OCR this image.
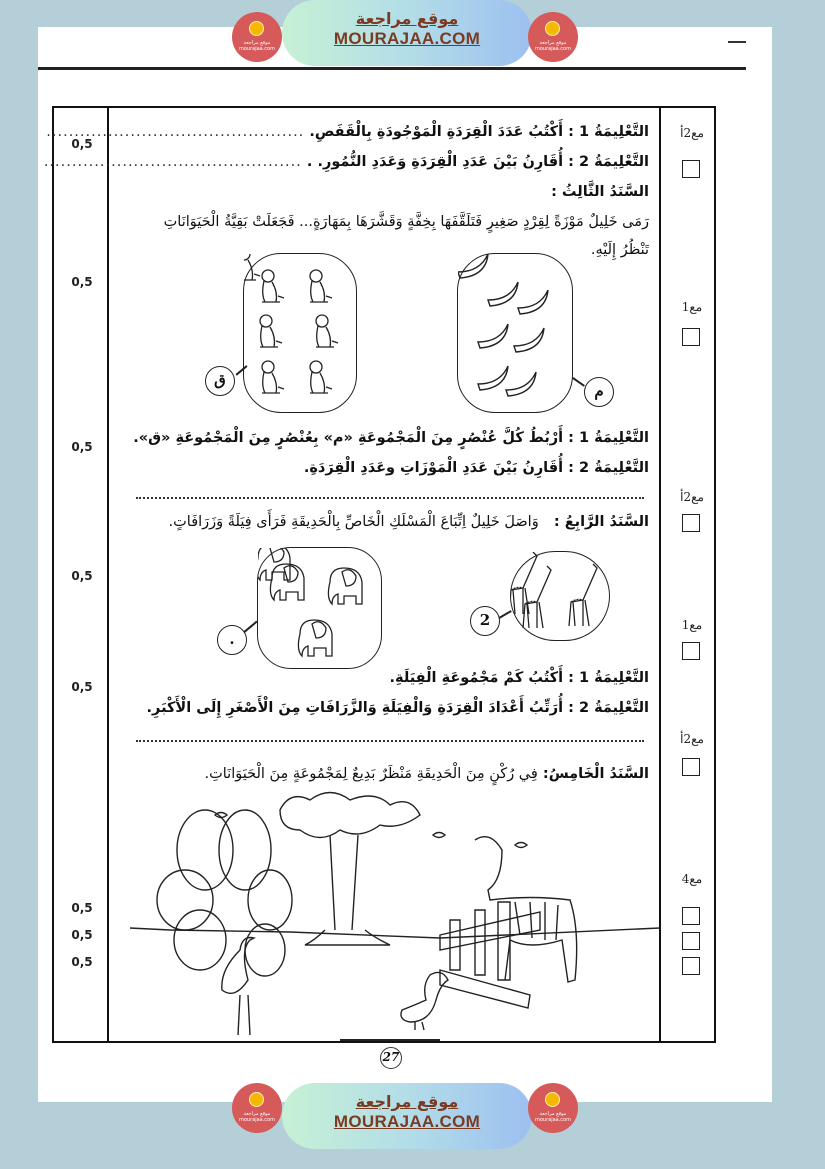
موقع مراجعة
mourajaa.com
موقع مراجعة
MOURAJAA.COM	موقع مراجعة
mourajaa.com
0,5
0,5
0,5
0,5
0,5
0,5
0,5
0,5
مع2أ
مع1
مع2أ
مع1
مع2أ
مع4
التَّعْلِيمَةُ 1 : أَكْتُبُ عَدَدَ الْقِرَدَةِ الْمَوْجُودَةِ بِالْقَفَصِ. ..............................................
التَّعْلِيمَةُ 2 : أُقَارِنُ بَيْنَ عَدَدِ الْقِرَدَةِ وَعَدَدِ النُّمُورِ. . ..............................................
السَّنَدُ الثَّالِثُ :
رَمَى خَلِيلٌ مَوْزَةً لِقِرْدٍ صَغِيرٍ فَتَلَقَّفَهَا بِخِفَّةٍ وَقَشَّرَهَا بِمَهَارَةٍ... فَجَعَلَتْ بَقِيَّةُ الْحَيَوَانَاتِ
تَنْظُرُ إِلَيْهِ.
ق
م
التَّعْلِيمَةُ 1 : أَرْبُطُ كُلَّ عُنْصُرٍ مِنَ الْمَجْمُوعَةِ «م» بِعُنْصُرٍ مِنَ الْمَجْمُوعَةِ «ق».
التَّعْلِيمَةُ 2 : أُقَارِنُ بَيْنَ عَدَدِ الْمَوْزَاتِ وعَدَدِ الْقِرَدَةِ.
السَّنَدُ الرَّابِعُ :   وَاصَلَ خَلِيلٌ اِتِّبَاعَ الْمَسْلَكِ الْخَاصِّ بِالْحَدِيقَةِ فَرَأَى فِيَلَةً وَزَرَافَاتٍ.
.
2
التَّعْلِيمَةُ 1 : أَكْتُبُ كَمْ مَجْمُوعَةِ الْفِيَلَةِ.
التَّعْلِيمَةُ 2 : أُرَتِّبُ أَعْدَادَ الْقِرَدَةِ وَالْفِيَلَةِ وَالزَّرَافَاتِ مِنَ الْأَصْغَرِ إِلَى الْأَكْبَرِ.
السَّنَدُ الْخَامِسُ: فِي رُكْنٍ مِنَ الْحَدِيقَةِ مَنْظَرٌ بَدِيعٌ لِمَجْمُوعَةٍ مِنَ الْحَيَوَانَاتِ.
27
موقع مراجعة
mourajaa.com
موقع مراجعة
MOURAJAA.COM	موقع مراجعة
mourajaa.com
